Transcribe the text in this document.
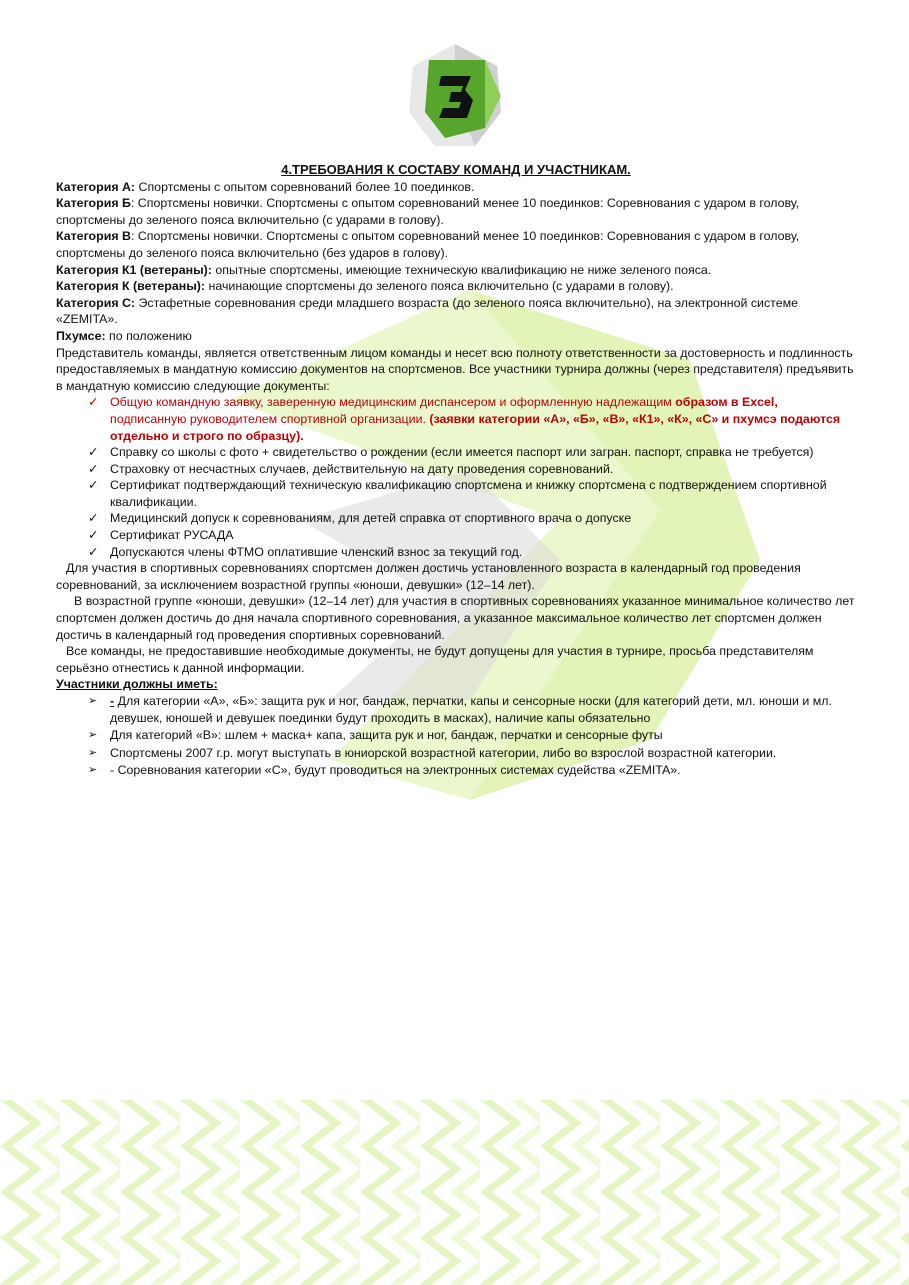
4.ТРЕБОВАНИЯ К СОСТАВУ КОМАНД И УЧАСТНИКАМ.

Категория А: Спортсмены с опытом соревнований более 10 поединков.

Категория Б: Спортсмены новички. Спортсмены с опытом соревнований менее 10 поединков: Соревнования с ударом в голову, спортсмены до зеленого пояса включительно (с ударами в голову).

Категория В: Спортсмены новички. Спортсмены с опытом соревнований менее 10 поединков: Соревнования с ударом в голову, спортсмены до зеленого пояса включительно (без ударов в голову).

Категория К1 (ветераны): опытные спортсмены, имеющие техническую квалификацию не ниже зеленого пояса.

Категория К (ветераны): начинающие спортсмены до зеленого пояса включительно (с ударами в голову).

Категория С: Эстафетные соревнования среди младшего возраста (до зеленого пояса включительно), на электронной системе «ZEMITA».

Пхумсе: по положению

Представитель команды, является ответственным лицом команды и несет всю полноту ответственности за достоверность и подлинность предоставляемых в мандатную комиссию документов на спортсменов. Все участники турнира должны (через представителя) предъявить в мандатную комиссию следующие документы:

✓ Общую командную заявку, заверенную медицинским диспансером и оформленную надлежащим образом в Excel, подписанную руководителем спортивной организации. (заявки категории «А», «Б», «В», «К1», «К», «С» и пхумсэ подаются отдельно и строго по образцу).
✓ Справку со школы с фото + свидетельство о рождении (если имеется паспорт или загран. паспорт, справка не требуется)
✓ Страховку от несчастных случаев, действительную на дату проведения соревнований.
✓ Сертификат подтверждающий техническую квалификацию спортсмена и книжку спортсмена с подтверждением спортивной квалификации.
✓ Медицинский допуск к соревнованиям, для детей справка от спортивного врача о допуске
✓ Сертификат РУСАДА
✓ Допускаются члены ФТМО оплатившие членский взнос за текущий год.

Для участия в спортивных соревнованиях спортсмен должен достичь установленного возраста в календарный год проведения соревнований, за исключением возрастной группы «юноши, девушки» (12–14 лет).

В возрастной группе «юноши, девушки» (12–14 лет) для участия в спортивных соревнованиях указанное минимальное количество лет спортсмен должен достичь до дня начала спортивного соревнования, а указанное максимальное количество лет спортсмен должен достичь в календарный год проведения спортивных соревнований.

Все команды, не предоставившие необходимые документы, не будут допущены для участия в турнире, просьба представителям серьёзно отнестись к данной информации.

Участники должны иметь:

➢ - Для категории «А», «Б»: защита рук и ног, бандаж, перчатки, капы и сенсорные носки (для категорий дети, мл. юноши и мл. девушек, юношей и девушек поединки будут проходить в масках), наличие капы обязательно
➢ Для категорий «В»: шлем + маска+ капа, защита рук и ног, бандаж, перчатки и сенсорные футы
➢ Спортсмены 2007 г.р. могут выступать в юниорской возрастной категории, либо во взрослой возрастной категории.
➢ - Соревнования категории «С», будут проводиться на электронных системах судейства «ZEMITA».
